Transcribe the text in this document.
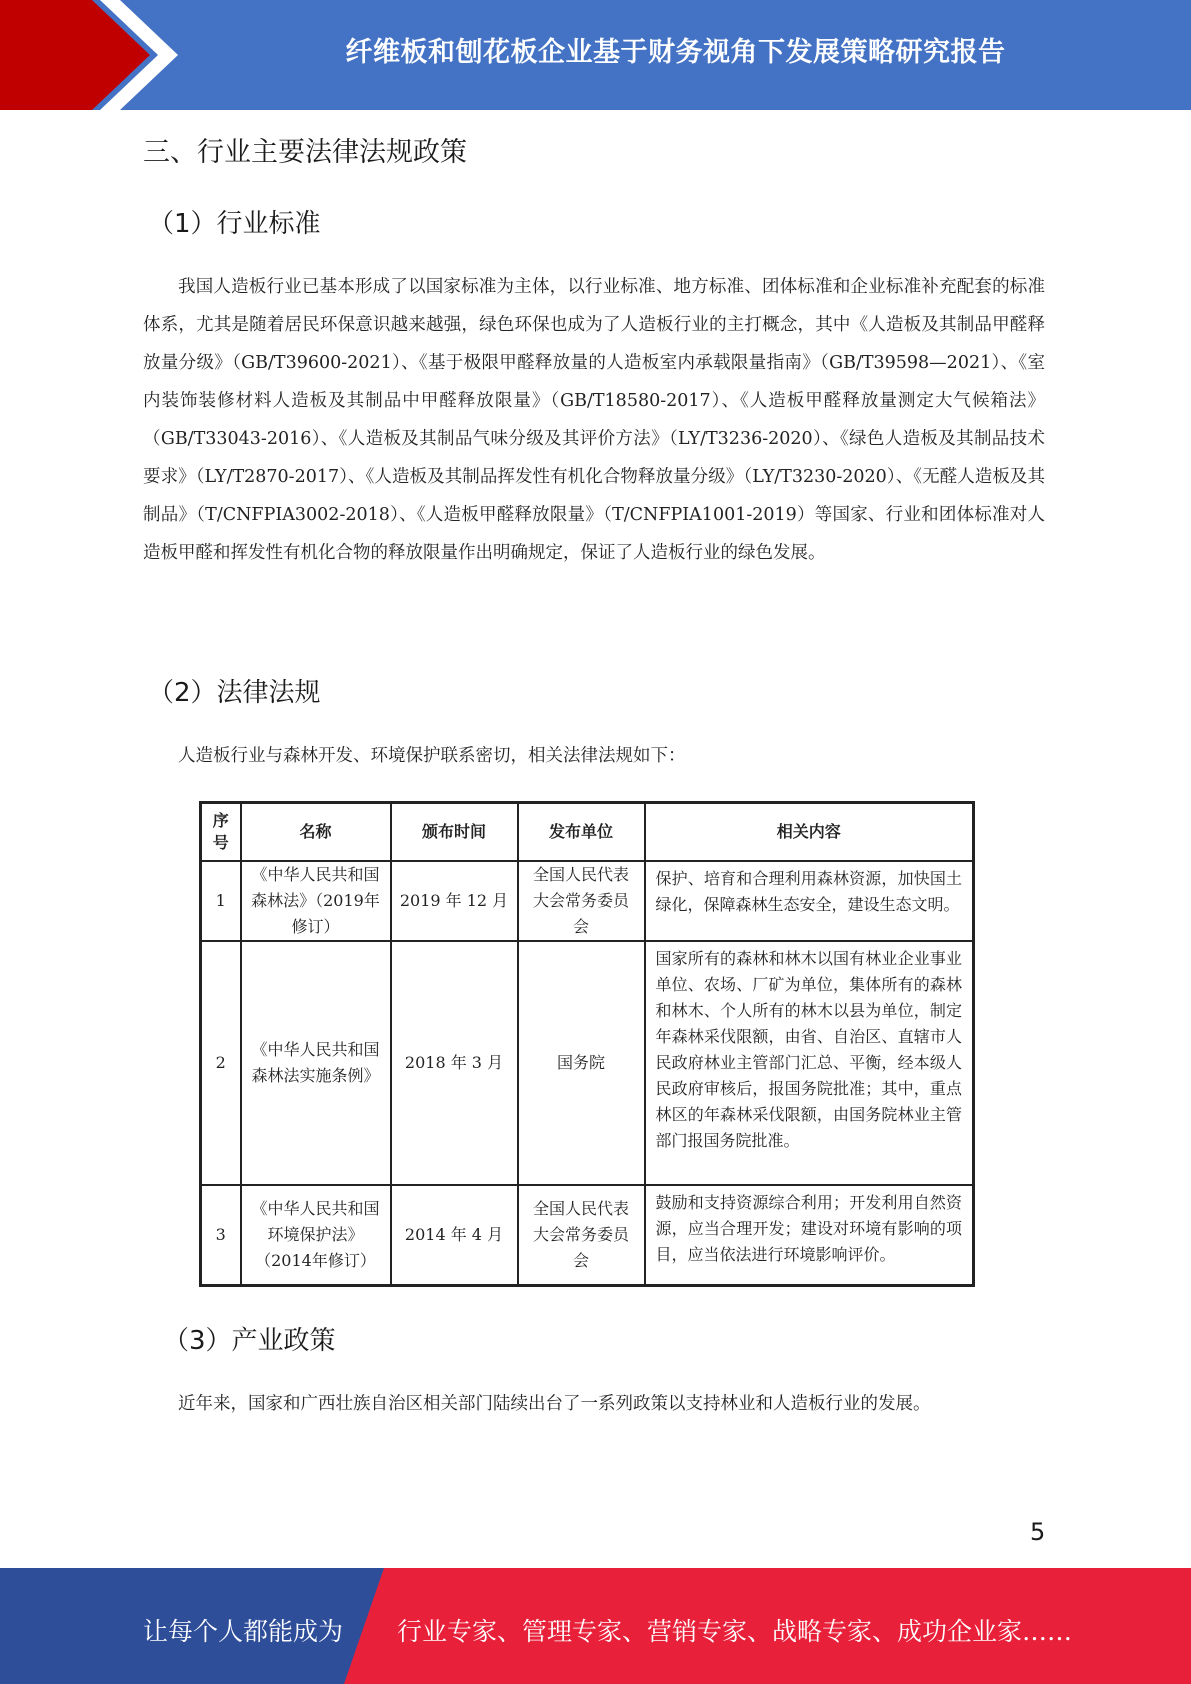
纤维板和刨花板企业基于财务视角下发展策略研究报告
三、行业主要法律法规政策
（1）行业标准
我国人造板行业已基本形成了以国家标准为主体，以行业标准、地方标准、团体标准和企业标准补充配套的标准体系，尤其是随着居民环保意识越来越强，绿色环保也成为了人造板行业的主打概念，其中《人造板及其制品甲醛释放量分级》（GB/T39600-2021）、《基于极限甲醛释放量的人造板室内承载限量指南》（GB/T39598—2021）、《室内装饰装修材料人造板及其制品中甲醛释放限量》（GB/T18580-2017）、《人造板甲醛释放量测定大气候箱法》（GB/T33043-2016）、《人造板及其制品气味分级及其评价方法》（LY/T3236-2020）、《绿色人造板及其制品技术要求》（LY/T2870-2017）、《人造板及其制品挥发性有机化合物释放量分级》（LY/T3230-2020）、《无醛人造板及其制品》（T/CNFPIA3002-2018）、《人造板甲醛释放限量》（T/CNFPIA1001-2019）等国家、行业和团体标准对人造板甲醛和挥发性有机化合物的释放限量作出明确规定，保证了人造板行业的绿色发展。
（2）法律法规
人造板行业与森林开发、环境保护联系密切，相关法律法规如下：
序号	名称	颁布时间	发布单位	相关内容
1	《中华人民共和国森林法》（2019年修订）	2019 年 12 月	全国人民代表大会常务委员会	保护、培育和合理利用森林资源，加快国土绿化，保障森林生态安全，建设生态文明。
2	《中华人民共和国森林法实施条例》	2018 年 3 月	国务院	国家所有的森林和林木以国有林业企业事业单位、农场、厂矿为单位，集体所有的森林和林木、个人所有的林木以县为单位，制定年森林采伐限额，由省、自治区、直辖市人民政府林业主管部门汇总、平衡，经本级人民政府审核后，报国务院批准；其中，重点林区的年森林采伐限额，由国务院林业主管部门报国务院批准。
3	《中华人民共和国环境保护法》（2014年修订）	2014 年 4 月	全国人民代表大会常务委员会	鼓励和支持资源综合利用；开发利用自然资源，应当合理开发；建设对环境有影响的项目，应当依法进行环境影响评价。
（3）产业政策
近年来，国家和广西壮族自治区相关部门陆续出台了一系列政策以支持林业和人造板行业的发展。
5
让每个人都能成为 行业专家、管理专家、营销专家、战略专家、成功企业家……
